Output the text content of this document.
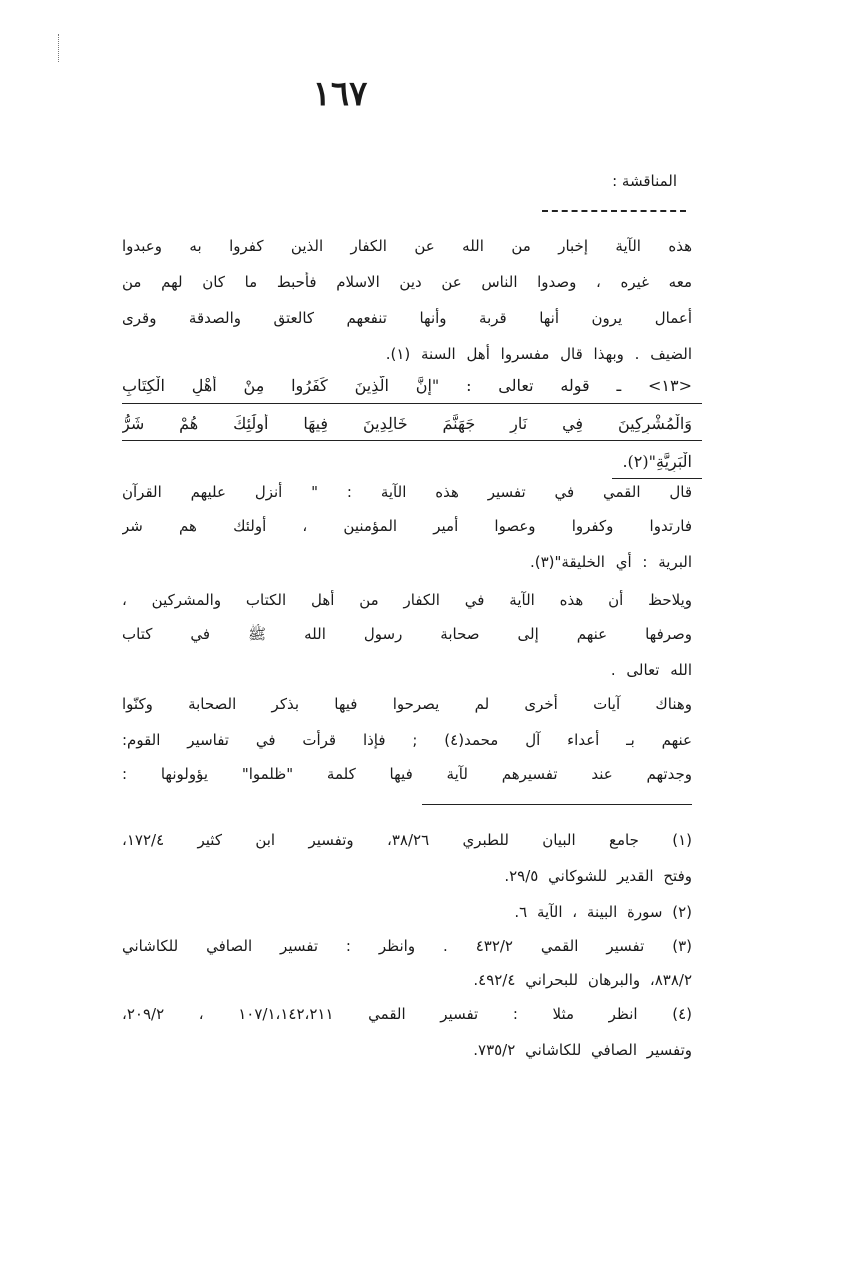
١٦٧
المناقشة :
هذه الآية إخبار من الله عن الكفار الذين كفروا به وعبدوا
معه غيره ، وصدوا الناس عن دين الاسلام فأحبط ما كان لهم من
أعمال يرون أنها قربة وأنها تنفعهم كالعتق والصدقة وقرى
الضيف . وبهذا قال مفسروا أهل السنة (١).
<١٣> ـ قوله تعالى : "إِنَّ الَّذِينَ كَفَرُوا مِنْ أَهْلِ الْكِتَابِ
وَالْمُشْرِكِينَ فِي نَارِ جَهَنَّمَ خَالِدِينَ فِيهَا أُولَٰئِكَ هُمْ شَرُّ
الْبَرِيَّةِ"(٢).
قال القمي في تفسير هذه الآية : " أنزل عليهم القرآن
فارتدوا وكفروا وعصوا أمير المؤمنين ، أولئك هم شر
البرية : أي الخليقة"(٣).
ويلاحظ أن هذه الآية في الكفار من أهل الكتاب والمشركين ،
وصرفها عنهم إلى صحابة رسول الله ﷺ في كتاب
الله تعالى .
وهناك آيات أخرى لم يصرحوا فيها بذكر الصحابة وكنّوا
عنهم بـ أعداء آل محمد(٤) ; فإذا قرأت في تفاسير القوم:
وجدتهم عند تفسيرهم لآية فيها كلمة "ظلموا" يؤولونها :
(١) جامع البيان للطبري ٣٨/٢٦، وتفسير ابن كثير ١٧٢/٤،
وفتح القدير للشوكاني ٢٩/٥.
(٢) سورة البينة ، الآية ٦.
(٣) تفسير القمي ٤٣٢/٢ . وانظر : تفسير الصافي للكاشاني
٨٣٨/٢، والبرهان للبحراني ٤٩٢/٤.
(٤) انظر مثلا : تفسير القمي ١٠٧/١،١٤٢،٢١١ ، ٢٠٩/٢،
وتفسير الصافي للكاشاني ٧٣٥/٢.
